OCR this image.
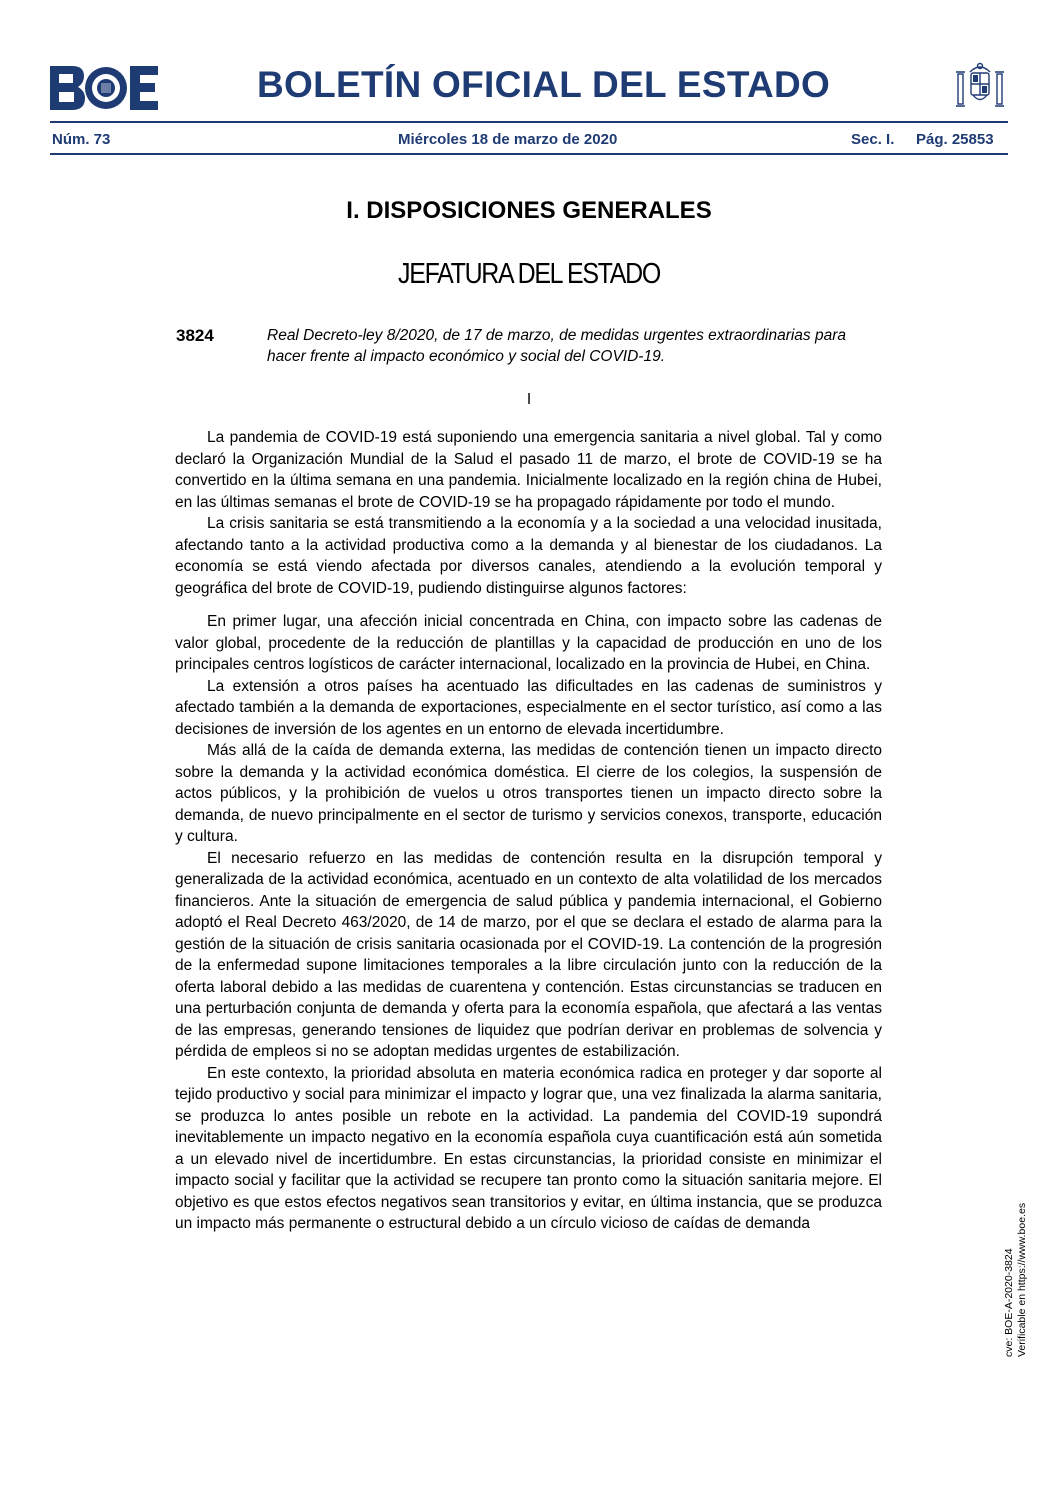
BOLETÍN OFICIAL DEL ESTADO
Núm. 73	Miércoles 18 de marzo de 2020	Sec. I. Pág. 25853
I. DISPOSICIONES GENERALES
JEFATURA DEL ESTADO
3824	Real Decreto-ley 8/2020, de 17 de marzo, de medidas urgentes extraordinarias para hacer frente al impacto económico y social del COVID-19.
I

La pandemia de COVID-19 está suponiendo una emergencia sanitaria a nivel global. Tal y como declaró la Organización Mundial de la Salud el pasado 11 de marzo, el brote de COVID-19 se ha convertido en la última semana en una pandemia. Inicialmente localizado en la región china de Hubei, en las últimas semanas el brote de COVID-19 se ha propagado rápidamente por todo el mundo.

La crisis sanitaria se está transmitiendo a la economía y a la sociedad a una velocidad inusitada, afectando tanto a la actividad productiva como a la demanda y al bienestar de los ciudadanos. La economía se está viendo afectada por diversos canales, atendiendo a la evolución temporal y geográfica del brote de COVID-19, pudiendo distinguirse algunos factores:

En primer lugar, una afección inicial concentrada en China, con impacto sobre las cadenas de valor global, procedente de la reducción de plantillas y la capacidad de producción en uno de los principales centros logísticos de carácter internacional, localizado en la provincia de Hubei, en China.

La extensión a otros países ha acentuado las dificultades en las cadenas de suministros y afectado también a la demanda de exportaciones, especialmente en el sector turístico, así como a las decisiones de inversión de los agentes en un entorno de elevada incertidumbre.

Más allá de la caída de demanda externa, las medidas de contención tienen un impacto directo sobre la demanda y la actividad económica doméstica. El cierre de los colegios, la suspensión de actos públicos, y la prohibición de vuelos u otros transportes tienen un impacto directo sobre la demanda, de nuevo principalmente en el sector de turismo y servicios conexos, transporte, educación y cultura.

El necesario refuerzo en las medidas de contención resulta en la disrupción temporal y generalizada de la actividad económica, acentuado en un contexto de alta volatilidad de los mercados financieros. Ante la situación de emergencia de salud pública y pandemia internacional, el Gobierno adoptó el Real Decreto 463/2020, de 14 de marzo, por el que se declara el estado de alarma para la gestión de la situación de crisis sanitaria ocasionada por el COVID-19. La contención de la progresión de la enfermedad supone limitaciones temporales a la libre circulación junto con la reducción de la oferta laboral debido a las medidas de cuarentena y contención. Estas circunstancias se traducen en una perturbación conjunta de demanda y oferta para la economía española, que afectará a las ventas de las empresas, generando tensiones de liquidez que podrían derivar en problemas de solvencia y pérdida de empleos si no se adoptan medidas urgentes de estabilización.

En este contexto, la prioridad absoluta en materia económica radica en proteger y dar soporte al tejido productivo y social para minimizar el impacto y lograr que, una vez finalizada la alarma sanitaria, se produzca lo antes posible un rebote en la actividad. La pandemia del COVID-19 supondrá inevitablemente un impacto negativo en la economía española cuya cuantificación está aún sometida a un elevado nivel de incertidumbre. En estas circunstancias, la prioridad consiste en minimizar el impacto social y facilitar que la actividad se recupere tan pronto como la situación sanitaria mejore. El objetivo es que estos efectos negativos sean transitorios y evitar, en última instancia, que se produzca un impacto más permanente o estructural debido a un círculo vicioso de caídas de demanda

cve: BOE-A-2020-3824 Verificable en https://www.boe.es
